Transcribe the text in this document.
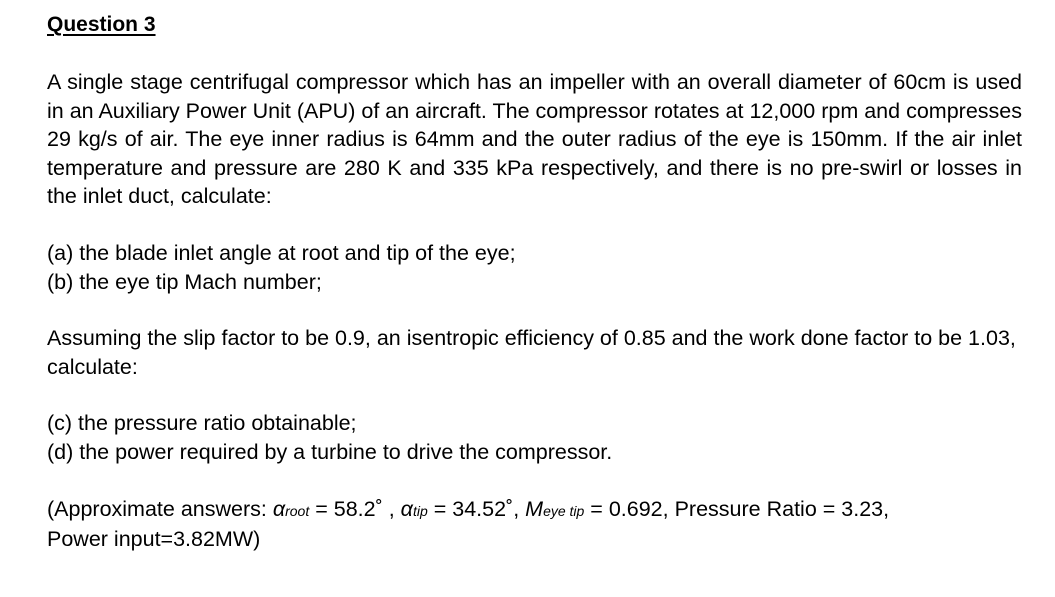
Question 3

A single stage centrifugal compressor which has an impeller with an overall diameter of 60cm is used in an Auxiliary Power Unit (APU) of an aircraft. The compressor rotates at 12,000 rpm and compresses 29 kg/s of air. The eye inner radius is 64mm and the outer radius of the eye is 150mm. If the air inlet temperature and pressure are 280 K and 335 kPa respectively, and there is no pre-swirl or losses in the inlet duct, calculate:

(a) the blade inlet angle at root and tip of the eye;
(b) the eye tip Mach number;

Assuming the slip factor to be 0.9, an isentropic efficiency of 0.85 and the work done factor to be 1.03, calculate:

(c) the pressure ratio obtainable;
(d) the power required by a turbine to drive the compressor.

(Approximate answers: αroot = 58.2˚ , αtip = 34.52˚, Meye tip = 0.692, Pressure Ratio = 3.23,
Power input=3.82MW)
